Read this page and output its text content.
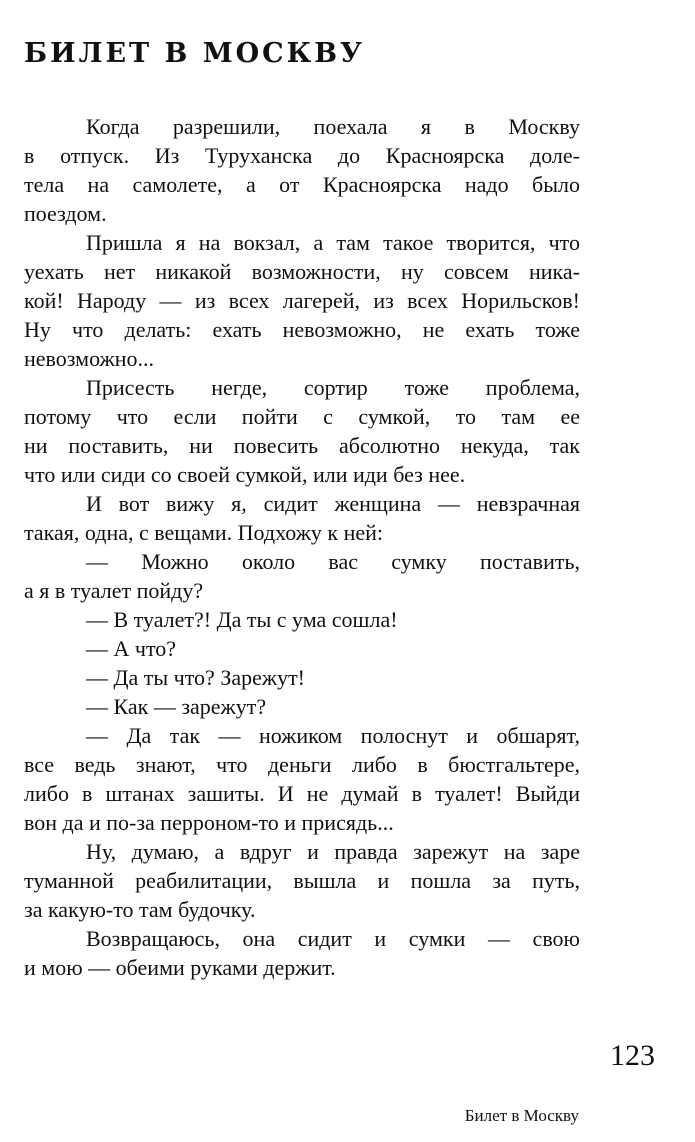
БИЛЕТ В МОСКВУ
Когда разрешили, поехала я в Москву
в отпуск. Из Туруханска до Красноярска доле-
тела на самолете, а от Красноярска надо было
поездом.
Пришла я на вокзал, а там такое творится, что
уехать нет никакой возможности, ну совсем ника-
кой! Народу — из всех лагерей, из всех Норильсков!
Ну что делать: ехать невозможно, не ехать тоже
невозможно...
Присесть негде, сортир тоже проблема,
потому что если пойти с сумкой, то там ее
ни поставить, ни повесить абсолютно некуда, так
что или сиди со своей сумкой, или иди без нее.
И вот вижу я, сидит женщина — невзрачная
такая, одна, с вещами. Подхожу к ней:
— Можно около вас сумку поставить,
а я в туалет пойду?
— В туалет?! Да ты с ума сошла!
— А что?
— Да ты что? Зарежут!
— Как — зарежут?
— Да так — ножиком полоснут и обшарят,
все ведь знают, что деньги либо в бюстгальтере,
либо в штанах зашиты. И не думай в туалет! Выйди
вон да и по-за перроном-то и присядь...
Ну, думаю, а вдруг и правда зарежут на заре
туманной реабилитации, вышла и пошла за путь,
за какую-то там будочку.
Возвращаюсь, она сидит и сумки — свою
и мою — обеими руками держит.
123
Билет в Москву
